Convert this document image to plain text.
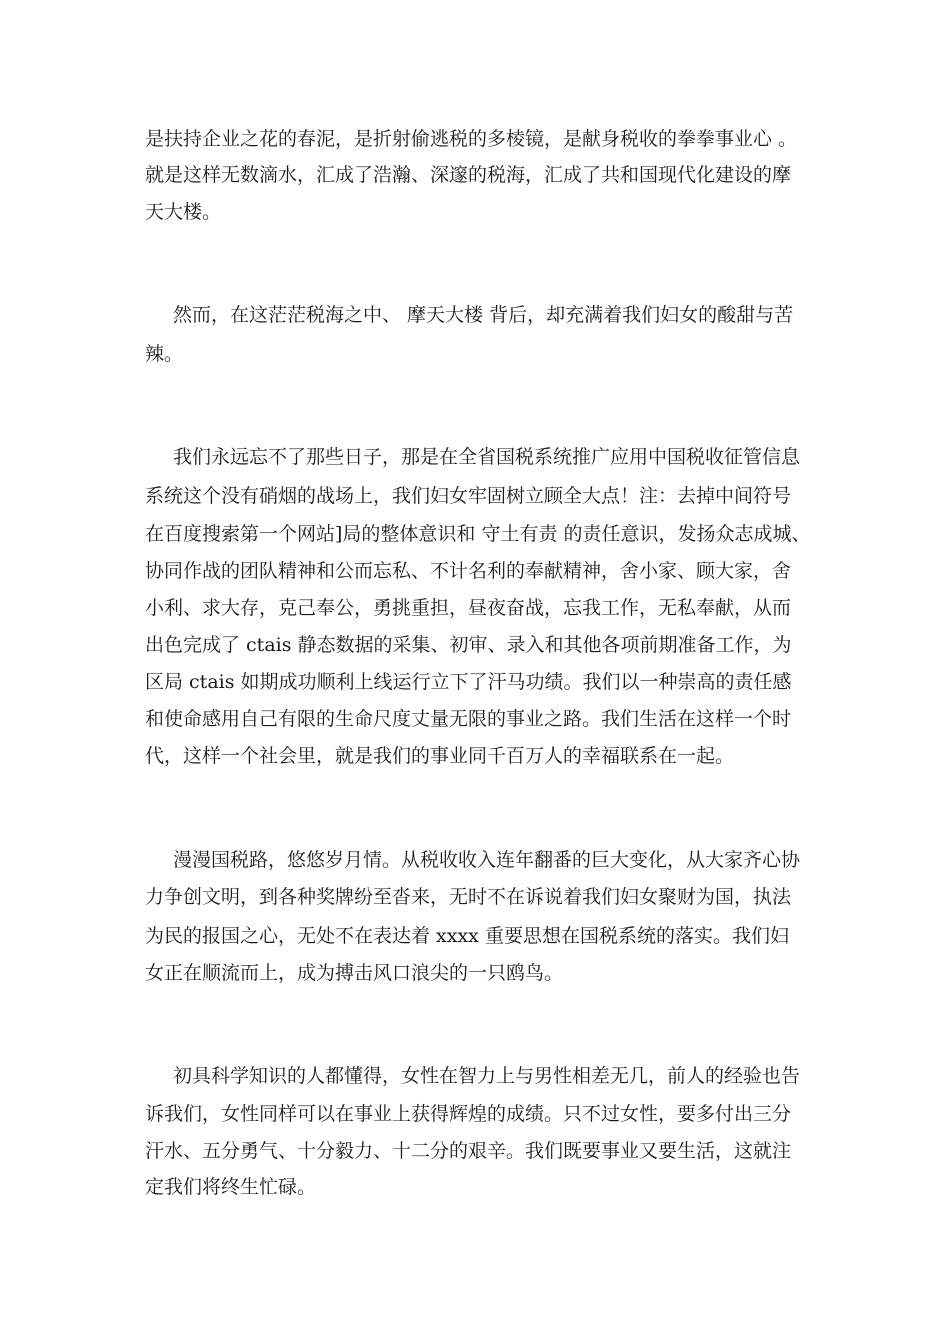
是扶持企业之花的春泥，是折射偷逃税的多棱镜，是献身税收的拳拳事业心 。
就是这样无数滴水，汇成了浩瀚、深邃的税海，汇成了共和国现代化建设的摩
天大楼。
然而，在这茫茫税海之中、 摩天大楼 背后，却充满着我们妇女的酸甜与苦
辣。
我们永远忘不了那些日子，那是在全省国税系统推广应用中国税收征管信息
系统这个没有硝烟的战场上，我们妇女牢固树立顾全大点！注：去掉中间符号
在百度搜索第一个网站]局的整体意识和 守土有责 的责任意识，发扬众志成城、
协同作战的团队精神和公而忘私、不计名利的奉献精神，舍小家、顾大家，舍
小利、求大存，克己奉公，勇挑重担，昼夜奋战，忘我工作，无私奉献，从而
出色完成了 ctais 静态数据的采集、初审、录入和其他各项前期准备工作，为
区局 ctais 如期成功顺利上线运行立下了汗马功绩。我们以一种崇高的责任感
和使命感用自己有限的生命尺度丈量无限的事业之路。我们生活在这样一个时
代，这样一个社会里，就是我们的事业同千百万人的幸福联系在一起。
漫漫国税路，悠悠岁月情。从税收收入连年翻番的巨大变化，从大家齐心协
力争创文明，到各种奖牌纷至沓来，无时不在诉说着我们妇女聚财为国，执法
为民的报国之心，无处不在表达着 xxxx 重要思想在国税系统的落实。我们妇
女正在顺流而上，成为搏击风口浪尖的一只鸥鸟。
初具科学知识的人都懂得，女性在智力上与男性相差无几，前人的经验也告
诉我们，女性同样可以在事业上获得辉煌的成绩。只不过女性，要多付出三分
汗水、五分勇气、十分毅力、十二分的艰辛。我们既要事业又要生活，这就注
定我们将终生忙碌。
